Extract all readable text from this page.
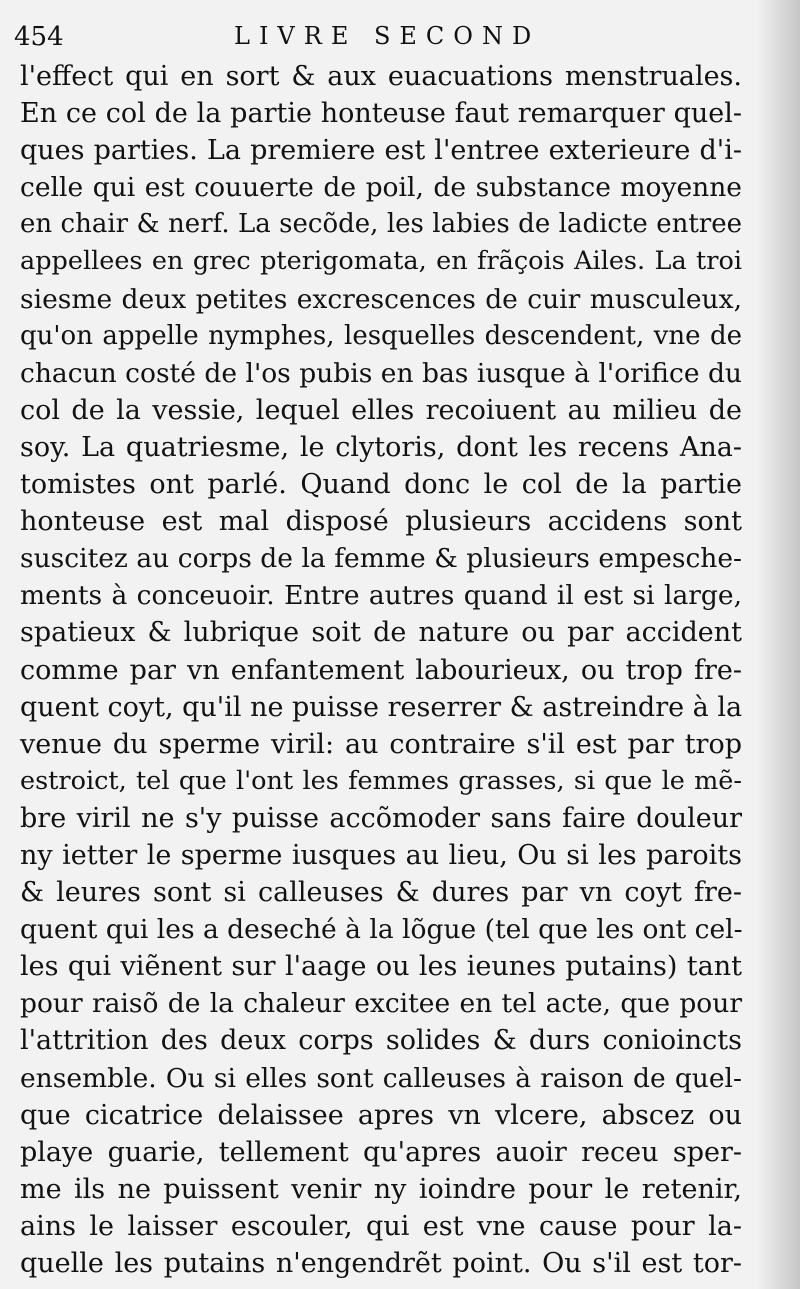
454	LIVRE SECOND
l'effect qui en sort & aux euacuations menstruales.
En ce col de la partie honteuse faut remarquer quel-
ques parties. La premiere est l'entree exterieure d'i-
celle qui est couuerte de poil, de substance moyenne
en chair & nerf. La secõde, les labies de ladicte entree
appellees en grec pterigomata, en frãçois Ailes. La troi
siesme deux petites excrescences de cuir musculeux,
qu'on appelle nymphes, lesquelles descendent, vne de
chacun costé de l'os pubis en bas iusque à l'orifice du
col de la vessie, lequel elles recoiuent au milieu de
soy. La quatriesme, le clytoris, dont les recens Ana-
tomistes ont parlé. Quand donc le col de la partie
honteuse est mal disposé plusieurs accidens sont
suscitez au corps de la femme & plusieurs empesche-
ments à conceuoir. Entre autres quand il est si large,
spatieux & lubrique soit de nature ou par accident
comme par vn enfantement labourieux, ou trop fre-
quent coyt, qu'il ne puisse reserrer & astreindre à la
venue du sperme viril: au contraire s'il est par trop
estroict, tel que l'ont les femmes grasses, si que le mẽ-
bre viril ne s'y puisse accõmoder sans faire douleur
ny ietter le sperme iusques au lieu, Ou si les paroits
& leures sont si calleuses & dures par vn coyt fre-
quent qui les a deseché à la lõgue (tel que les ont cel-
les qui viẽnent sur l'aage ou les ieunes putains) tant
pour raisõ de la chaleur excitee en tel acte, que pour
l'attrition des deux corps solides & durs conioincts
ensemble. Ou si elles sont calleuses à raison de quel-
que cicatrice delaissee apres vn vlcere, abscez ou
playe guarie, tellement qu'apres auoir receu sper-
me ils ne puissent venir ny ioindre pour le retenir,
ains le laisser escouler, qui est vne cause pour la-
quelle les putains n'engendrẽt point. Ou s'il est tor-
